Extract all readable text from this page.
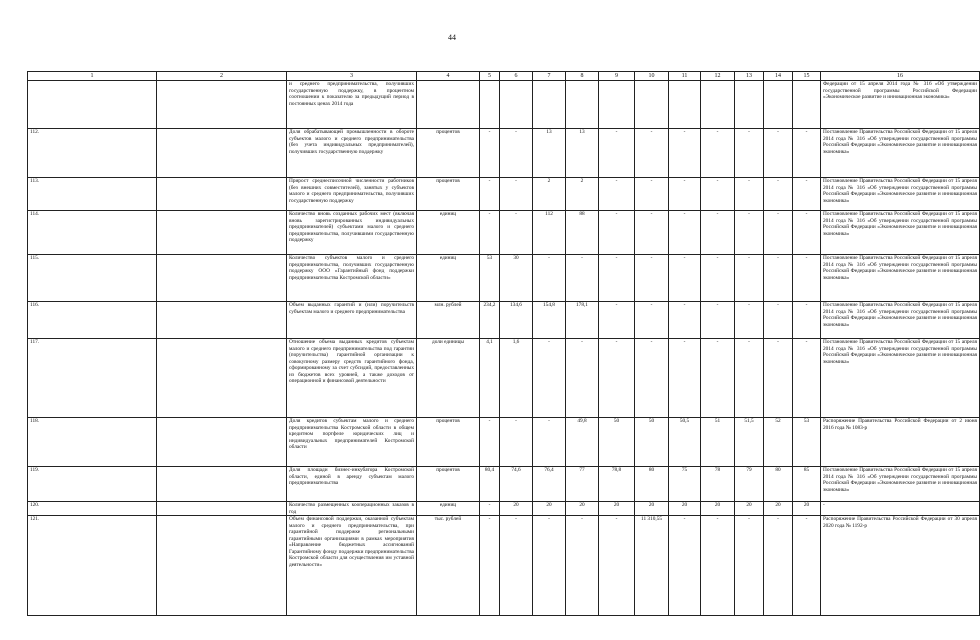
44
1	2	3	4	5	6	7	8	9	10	11	12	13	14	15	16
		и среднего предпринимательства, получивших государственную поддержку, в процентном соотношении к показателю за предыдущий период в постоянных ценах 2014 года													Федерации от 15 апреля 2014 года № 316 «Об утверждении государственной программы Российской Федерации «Экономическое развитие и инновационная экономика»
112.		Доля обрабатывающей промышленности в обороте субъектов малого и среднего предпринимательства (без учета индивидуальных предпринимателей), получивших государственную поддержку	процентов	-	-	13	13	-	-	-	-	-	-	-	Постановление Правительства Российской Федерации от 15 апреля 2014 года № 316 «Об утверждении государственной программы Российской Федерации «Экономическое развитие и инновационная экономика»
113.		Прирост среднесписочной численности работников (без внешних совместителей), занятых у субъектов малого и среднего предпринимательства, получивших государственную поддержку	процентов	-	-	2	2	-	-	-	-	-	-	-	Постановление Правительства Российской Федерации от 15 апреля 2014 года № 316 «Об утверждении государственной программы Российской Федерации «Экономическое развитие и инновационная экономика»
114.		Количество вновь созданных рабочих мест (включая вновь зарегистрированных индивидуальных предпринимателей) субъектами малого и среднего предпринимательства, получившими государственную поддержку	единиц	-	-	112	88	-	-	-	-	-	-	-	Постановление Правительства Российской Федерации от 15 апреля 2014 года № 316 «Об утверждении государственной программы Российской Федерации «Экономическое развитие и инновационная экономика»
115.		Количество субъектов малого и среднего предпринимательства, получивших государственную поддержку ООО «Гарантийный фонд поддержки предпринимательства Костромской области»	единиц	53	30	-	-	-	-	-	-	-	-	-	Постановление Правительства Российской Федерации от 15 апреля 2014 года № 316 «Об утверждении государственной программы Российской Федерации «Экономическое развитие и инновационная экономика»
116.		Объем выданных гарантий и (или) поручительств субъектам малого и среднего предпринимательства	млн. рублей	234,2	134,6	154,8	178,1	-	-	-	-	-	-	-	Постановление Правительства Российской Федерации от 15 апреля 2014 года № 316 «Об утверждении государственной программы Российской Федерации «Экономическое развитие и инновационная экономика»
117.		Отношение объема выданных кредитов субъектам малого и среднего предпринимательства под гарантии (поручительства) гарантийной организации к совокупному размеру средств гарантийного фонда, сформированному за счет субсидий, предоставленных из бюджетов всех уровней, а также доходов от операционной и финансовой деятельности	доли единицы	4,1	1,6	-	-	-	-	-	-	-	-	-	Постановление Правительства Российской Федерации от 15 апреля 2014 года № 316 «Об утверждении государственной программы Российской Федерации «Экономическое развитие и инновационная экономика»
118.		Доля кредитов субъектам малого и среднего предпринимательства Костромской области в общем кредитном портфеле юридических лиц и индивидуальных предпринимателей Костромской области	процентов	-	-	-	49,8	50	50	50,5	51	51,5	52	53	Распоряжение Правительства Российской Федерации от 2 июня 2016 года № 1083-р
119.		Доля площади бизнес-инкубатора Костромской области, единой в аренду субъектам малого предпринимательства	процентов	80,4	74,6	76,4	77	78,8	80	75	78	79	80	85	Постановление Правительства Российской Федерации от 15 апреля 2014 года № 316 «Об утверждении государственной программы Российской Федерации «Экономическое развитие и инновационная экономика»
120.		Количество размещенных кооперационных заказов в год	единиц	-	20	20	20	20	20	20	20	20	20	20	-
121.		Объем финансовой поддержки, оказанной субъектам малого и среднего предпринимательства, при гарантийной поддержке региональными гарантийными организациями в рамках мероприятия «Направление бюджетных ассигнований Гарантийному фонду поддержки предпринимательства Костромской области для осуществления им уставной деятельности»	тыс. рублей	-	-	-	-	-	11 310,55	-	-	-	-	-	Распоряжение Правительства Российской Федерации от 30 апреля 2020 года № 1192-р
